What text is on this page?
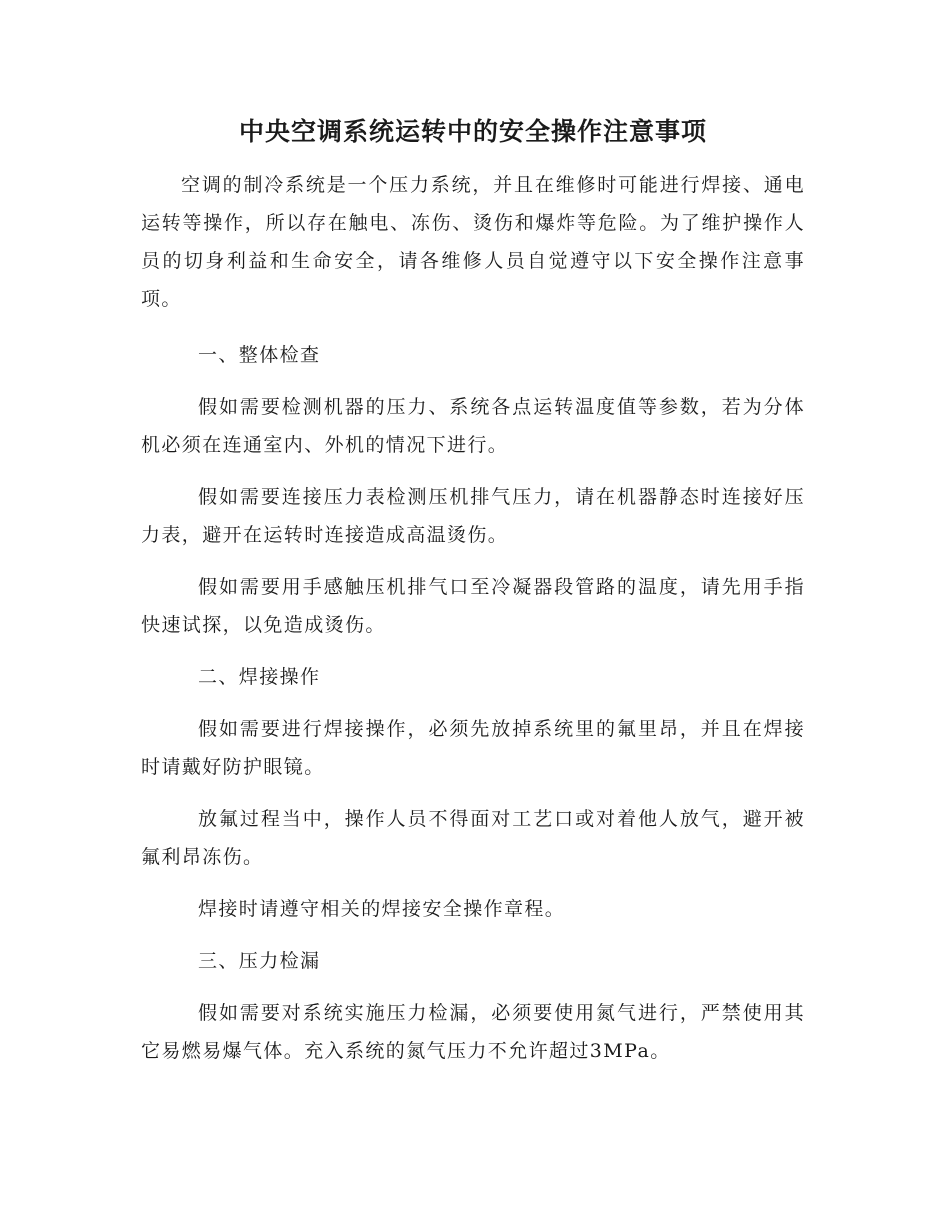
中央空调系统运转中的安全操作注意事项

空调的制冷系统是一个压力系统，并且在维修时可能进行焊接、通电运转等操作，所以存在触电、冻伤、烫伤和爆炸等危险。为了维护操作人员的切身利益和生命安全，请各维修人员自觉遵守以下安全操作注意事项。

一、整体检查

假如需要检测机器的压力、系统各点运转温度值等参数，若为分体机必须在连通室内、外机的情况下进行。

假如需要连接压力表检测压机排气压力，请在机器静态时连接好压力表，避开在运转时连接造成高温烫伤。

假如需要用手感触压机排气口至冷凝器段管路的温度，请先用手指快速试探，以免造成烫伤。

二、焊接操作

假如需要进行焊接操作，必须先放掉系统里的氟里昂，并且在焊接时请戴好防护眼镜。

放氟过程当中，操作人员不得面对工艺口或对着他人放气，避开被氟利昂冻伤。

焊接时请遵守相关的焊接安全操作章程。

三、压力检漏

假如需要对系统实施压力检漏，必须要使用氮气进行，严禁使用其它易燃易爆气体。充入系统的氮气压力不允许超过3MPa。
